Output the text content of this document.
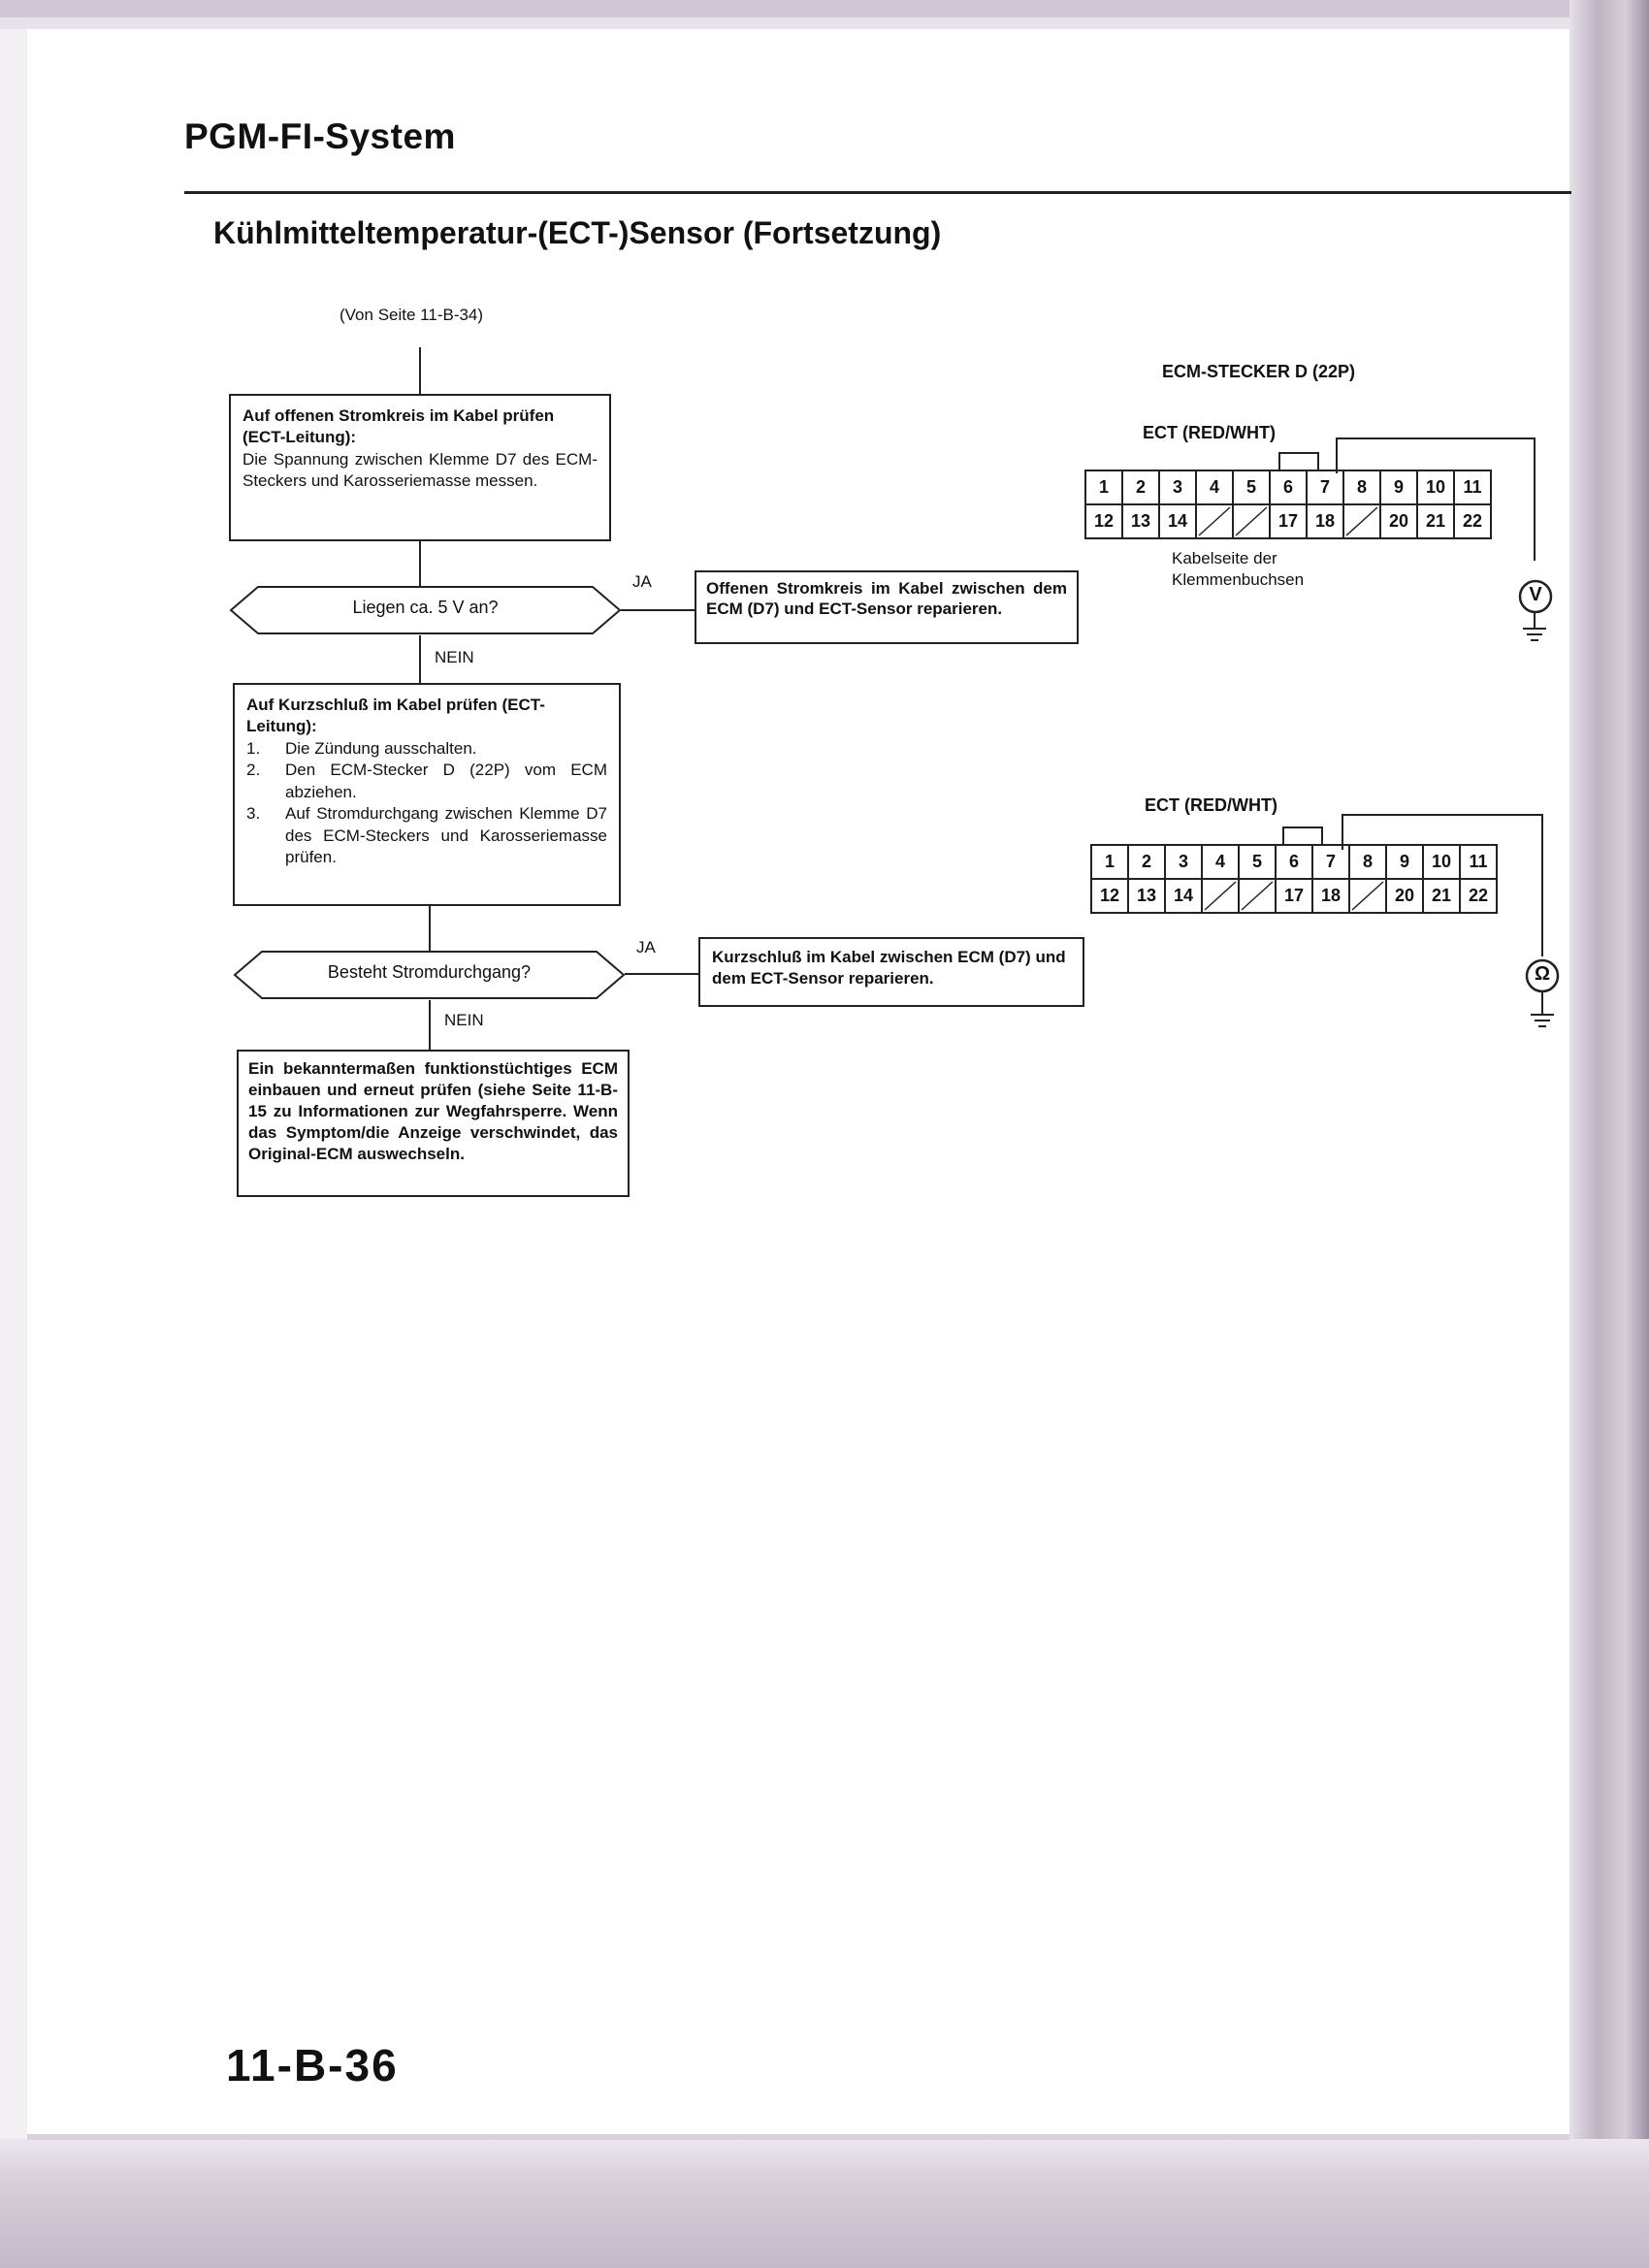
PGM-FI-System
Kühlmitteltemperatur-(ECT-)Sensor (Fortsetzung)
(Von Seite 11-B-34)
Auf offenen Stromkreis im Kabel prüfen (ECT-Leitung):
Die Spannung zwischen Klemme D7 des ECM-Steckers und Karosseriemasse messen.
Liegen ca. 5 V an?
JA	Offenen Stromkreis im Kabel zwischen dem ECM (D7) und ECT-Sensor reparieren.
NEIN
Auf Kurzschluß im Kabel prüfen (ECT-Leitung):
1.	Die Zündung ausschalten.
2.	Den ECM-Stecker D (22P) vom ECM abziehen.
3.	Auf Stromdurchgang zwischen Klemme D7 des ECM-Steckers und Karosseriemasse prüfen.
Besteht Stromdurchgang?
JA
Kurzschluß im Kabel zwischen ECM (D7) und dem ECT-Sensor reparieren.
NEIN
Ein bekanntermaßen funktionstüchtiges ECM einbauen und erneut prüfen (siehe Seite 11-B-15 zu Informationen zur Wegfahrsperre. Wenn das Symptom/die Anzeige verschwindet, das Original-ECM auswechseln.
ECM-STECKER D (22P)
ECT (RED/WHT)
1	2	3	4	5	6	7	8	9	10	11
12	13	14			17	18		20	21	22
V
Kabelseite der
Klemmenbuchsen
ECT (RED/WHT)
1	2	3	4	5	6	7	8	9	10	11
12	13	14			17	18		20	21	22
Ω
11-B-36
